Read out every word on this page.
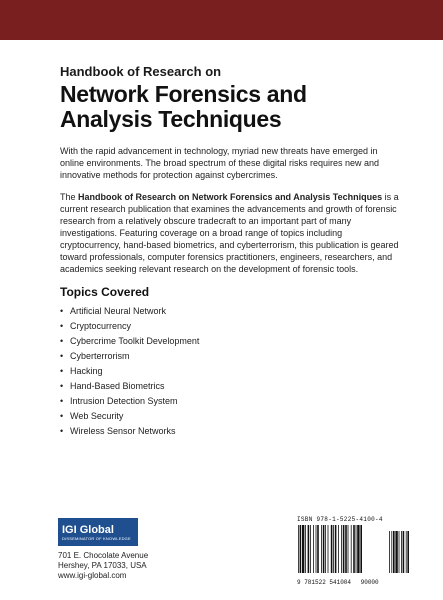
Handbook of Research on
Network Forensics and
Analysis Techniques

With the rapid advancement in technology, myriad new threats have emerged in online environments. The broad spectrum of these digital risks requires new and innovative methods for protection against cybercrimes.

The Handbook of Research on Network Forensics and Analysis Techniques is a current research publication that examines the advancements and growth of forensic research from a relatively obscure tradecraft to an important part of many investigations. Featuring coverage on a broad range of topics including cryptocurrency, hand-based biometrics, and cyberterrorism, this publication is geared toward professionals, computer forensics practitioners, engineers, researchers, and academics seeking relevant research on the development of forensic tools.

Topics Covered
• Artificial Neural Network
• Cryptocurrency
• Cybercrime Toolkit Development
• Cyberterrorism
• Hacking
• Hand-Based Biometrics
• Intrusion Detection System
• Web Security
• Wireless Sensor Networks
IGI Global
DISSEMINATOR OF KNOWLEDGE
701 E. Chocolate Avenue
Hershey, PA 17033, USA
www.igi-global.com
ISBN 978-1-5225-4100-4
9 781522 541004 90000
